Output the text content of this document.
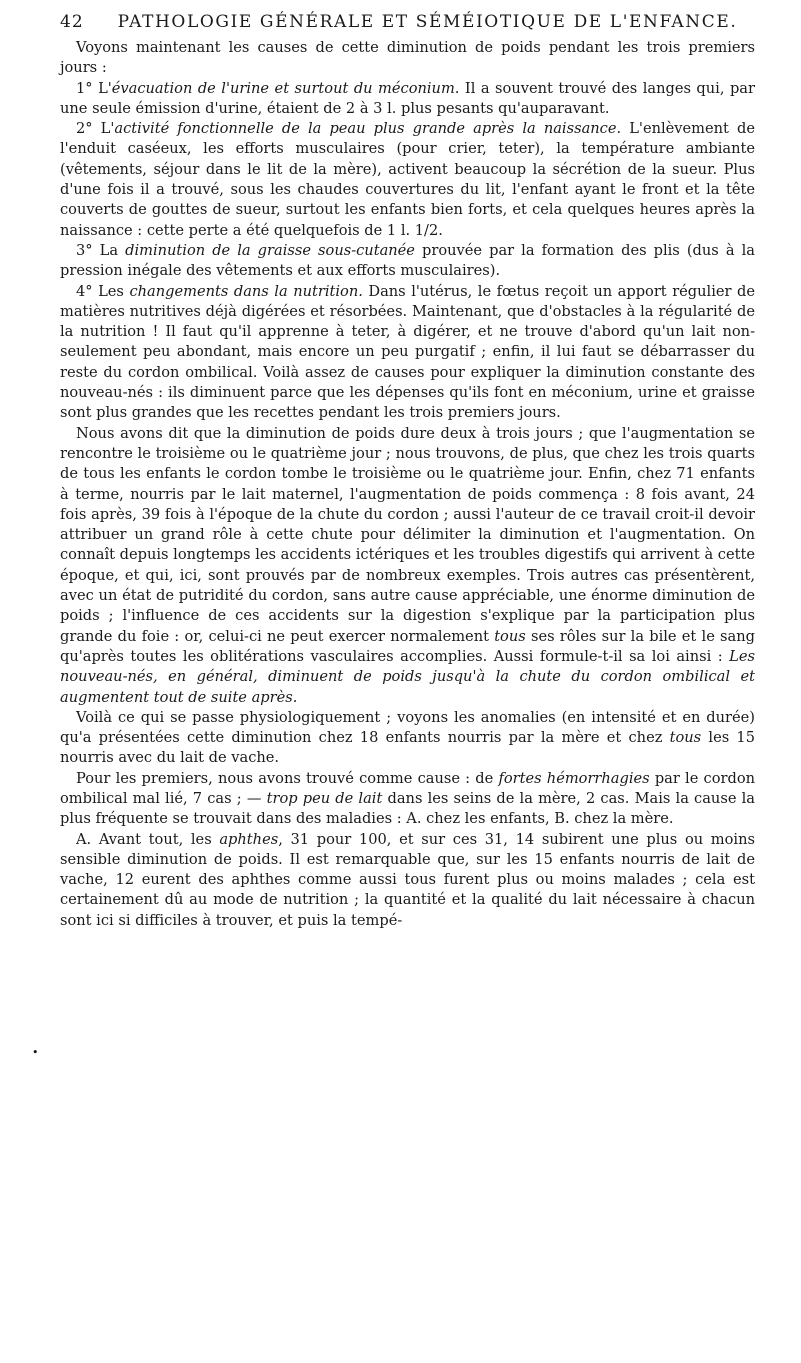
42	PATHOLOGIE GÉNÉRALE ET SÉMÉIOTIQUE DE L'ENFANCE.

Voyons maintenant les causes de cette diminution de poids pendant les trois premiers jours :

1° L'évacuation de l'urine et surtout du méconium. Il a souvent trouvé des langes qui, par une seule émission d'urine, étaient de 2 à 3 l. plus pesants qu'auparavant.

2° L'activité fonctionnelle de la peau plus grande après la naissance. L'enlèvement de l'enduit caséeux, les efforts musculaires (pour crier, teter), la température ambiante (vêtements, séjour dans le lit de la mère), activent beaucoup la sécrétion de la sueur. Plus d'une fois il a trouvé, sous les chaudes couvertures du lit, l'enfant ayant le front et la tête couverts de gouttes de sueur, surtout les enfants bien forts, et cela quelques heures après la naissance : cette perte a été quelquefois de 1 l. 1/2.

3° La diminution de la graisse sous-cutanée prouvée par la formation des plis (dus à la pression inégale des vêtements et aux efforts musculaires).

4° Les changements dans la nutrition. Dans l'utérus, le fœtus reçoit un apport régulier de matières nutritives déjà digérées et résorbées. Maintenant, que d'obstacles à la régularité de la nutrition ! Il faut qu'il apprenne à teter, à digérer, et ne trouve d'abord qu'un lait non-seulement peu abondant, mais encore un peu purgatif ; enfin, il lui faut se débarrasser du reste du cordon ombilical. Voilà assez de causes pour expliquer la diminution constante des nouveau-nés : ils diminuent parce que les dépenses qu'ils font en méconium, urine et graisse sont plus grandes que les recettes pendant les trois premiers jours.

Nous avons dit que la diminution de poids dure deux à trois jours ; que l'augmentation se rencontre le troisième ou le quatrième jour ; nous trouvons, de plus, que chez les trois quarts de tous les enfants le cordon tombe le troisième ou le quatrième jour. Enfin, chez 71 enfants à terme, nourris par le lait maternel, l'augmentation de poids commença : 8 fois avant, 24 fois après, 39 fois à l'époque de la chute du cordon ; aussi l'auteur de ce travail croit-il devoir attribuer un grand rôle à cette chute pour délimiter la diminution et l'augmentation. On connaît depuis longtemps les accidents ictériques et les troubles digestifs qui arrivent à cette époque, et qui, ici, sont prouvés par de nombreux exemples. Trois autres cas présentèrent, avec un état de putridité du cordon, sans autre cause appréciable, une énorme diminution de poids ; l'influence de ces accidents sur la digestion s'explique par la participation plus grande du foie : or, celui-ci ne peut exercer normalement tous ses rôles sur la bile et le sang qu'après toutes les oblitérations vasculaires accomplies. Aussi formule-t-il sa loi ainsi : Les nouveau-nés, en général, diminuent de poids jusqu'à la chute du cordon ombilical et augmentent tout de suite après.

Voilà ce qui se passe physiologiquement ; voyons les anomalies (en intensité et en durée) qu'a présentées cette diminution chez 18 enfants nourris par la mère et chez tous les 15 nourris avec du lait de vache.

Pour les premiers, nous avons trouvé comme cause : de fortes hémorrhagies par le cordon ombilical mal lié, 7 cas ; — trop peu de lait dans les seins de la mère, 2 cas. Mais la cause la plus fréquente se trouvait dans des maladies : A. chez les enfants, B. chez la mère.

A. Avant tout, les aphthes, 31 pour 100, et sur ces 31, 14 subirent une plus ou moins sensible diminution de poids. Il est remarquable que, sur les 15 enfants nourris de lait de vache, 12 eurent des aphthes comme aussi tous furent plus ou moins malades ; cela est certainement dû au mode de nutrition ; la quantité et la qualité du lait nécessaire à chacun sont ici si difficiles à trouver, et puis la tempé-

•
